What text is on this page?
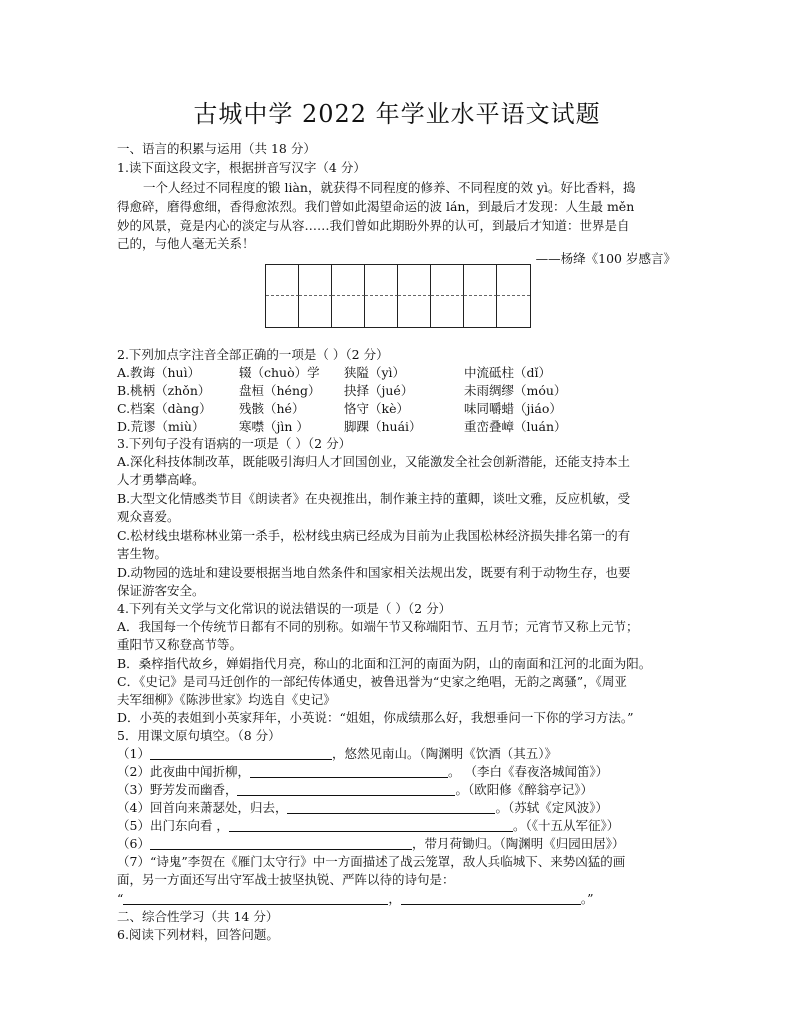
古城中学 2022 年学业水平语文试题
一、语言的积累与运用（共 18 分）
1.读下面这段文字，根据拼音写汉字（4 分）
一个人经过不同程度的锻 liàn，就获得不同程度的修养、不同程度的效 yì。好比香料，捣
得愈碎，磨得愈细，香得愈浓烈。我们曾如此渴望命运的波 lán，到最后才发现：人生最 měn
妙的风景，竟是内心的淡定与从容……我们曾如此期盼外界的认可，到最后才知道：世界是自
己的，与他人毫无关系！
——杨绛《100 岁感言》
2.下列加点字注音全部正确的一项是（ ）（2 分）
A.教诲（huì）	辍（chuò）学 狭隘（yì）	中流砥柱（dǐ）
B.桃柄（zhǒn） 盘桓（héng） 抉择（jué）	未雨绸缪（móu）
C.档案（dàng） 残骸（hé）	恪守（kè）	味同嚼蜡（jiáo）
D.荒谬（miù）	寒噤（jìn ）	脚踝（huái）	重峦叠嶂（luán）
3.下列句子没有语病的一项是（ ）（2 分）
A.深化科技体制改革，既能吸引海归人才回国创业，又能激发全社会创新潜能，还能支持本土
人才勇攀高峰。
B.大型文化情感类节目《朗读者》在央视推出，制作兼主持的董卿，谈吐文雅，反应机敏，受
观众喜爱。
C.松材线虫堪称林业第一杀手，松材线虫病已经成为目前为止我国松林经济损失排名第一的有
害生物。
D.动物园的选址和建设要根据当地自然条件和国家相关法规出发，既要有利于动物生存，也要
保证游客安全。
4.下列有关文学与文化常识的说法错误的一项是（ ）（2 分）
A．我国每一个传统节日都有不同的别称。如端午节又称端阳节、五月节；元宵节又称上元节；
重阳节又称登高节等。
B．桑梓指代故乡，婵娟指代月亮，称山的北面和江河的南面为阴，山的南面和江河的北面为阳。
C．《史记》是司马迁创作的一部纪传体通史，被鲁迅誉为“史家之绝唱，无韵之离骚”，《周亚
夫军细柳》《陈涉世家》均选自《史记》
D．小英的表姐到小英家拜年，小英说：“姐姐，你成绩那么好，我想垂问一下你的学习方法。”
5．用课文原句填空。（8 分）
（1）	，悠然见南山。（陶渊明《饮酒（其五）》
（2）此夜曲中闻折柳，	。 （李白《春夜洛城闻笛》）
（3）野芳发而幽香，	。（欧阳修《醉翁亭记》）
（4）回首向来萧瑟处，归去，	。（苏轼《定风波》）
（5）出门东向看 ，	。（《十五从军征》）
（6）	，带月荷锄归。（陶渊明《归园田居》）
（7）“诗鬼”李贺在《雁门太守行》中一方面描述了战云笼罩，敌人兵临城下、来势凶猛的画
面，另一方面还写出守军战士披坚执锐、严阵以待的诗句是：
“	，	。”
二、综合性学习（共 14 分）
6.阅读下列材料，回答问题。
